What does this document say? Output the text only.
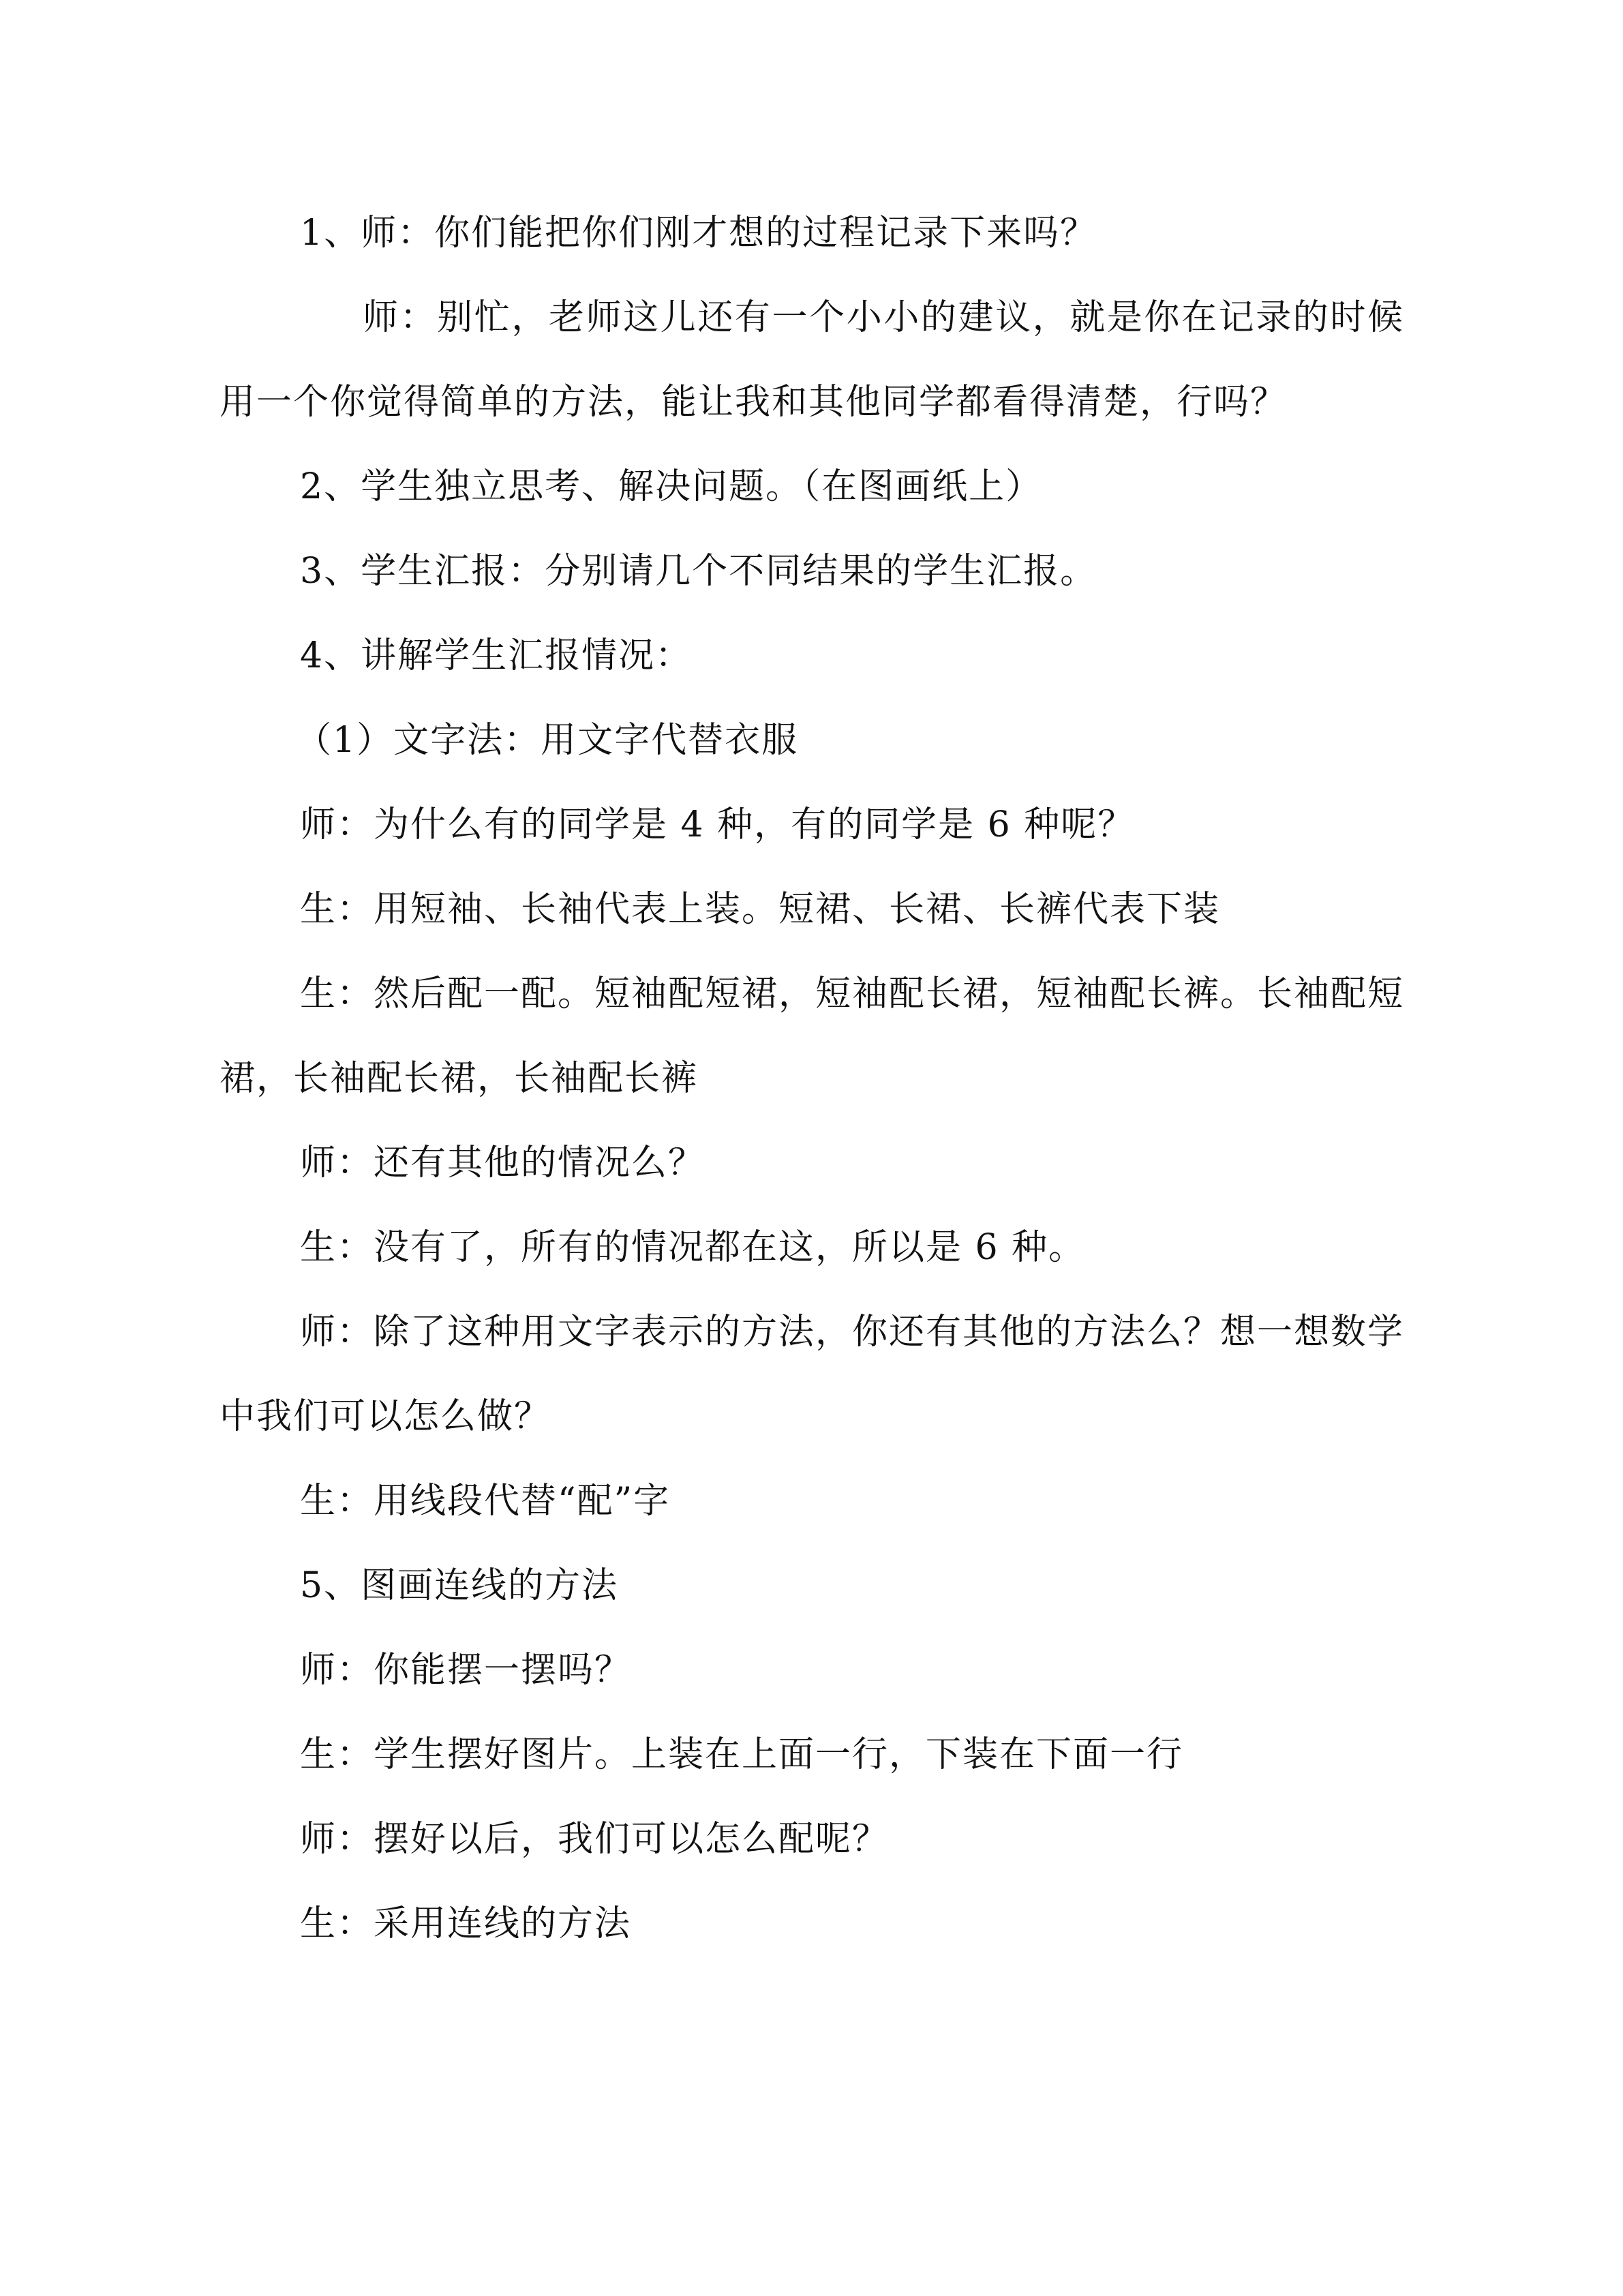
1、师：你们能把你们刚才想的过程记录下来吗？

师：别忙，老师这儿还有一个小小的建议，就是你在记录的时候用一个你觉得简单的方法，能让我和其他同学都看得清楚，行吗？

2、学生独立思考、解决问题。（在图画纸上）

3、学生汇报：分别请几个不同结果的学生汇报。

4、讲解学生汇报情况：

（1）文字法：用文字代替衣服

师：为什么有的同学是 4 种，有的同学是 6 种呢？

生：用短袖、长袖代表上装。短裙、长裙、长裤代表下装

生：然后配一配。短袖配短裙，短袖配长裙，短袖配长裤。长袖配短裙，长袖配长裙，长袖配长裤

师：还有其他的情况么？

生：没有了，所有的情况都在这，所以是 6 种。

师：除了这种用文字表示的方法，你还有其他的方法么？想一想数学中我们可以怎么做？

生：用线段代替“配”字

5、图画连线的方法

师：你能摆一摆吗？

生：学生摆好图片。上装在上面一行，下装在下面一行

师：摆好以后，我们可以怎么配呢？

生：采用连线的方法
